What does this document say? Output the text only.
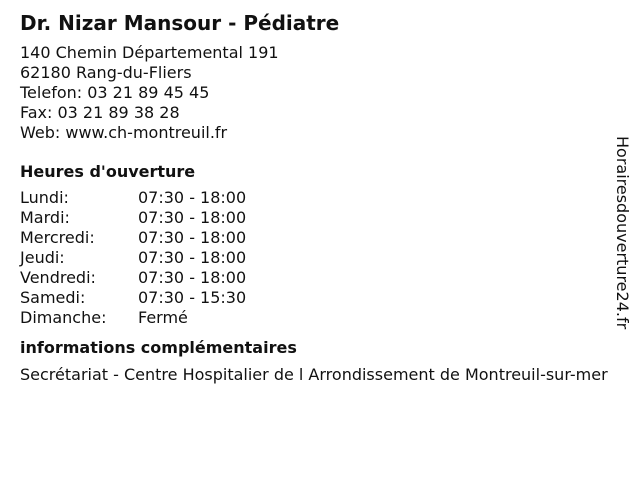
Dr. Nizar Mansour - Pédiatre
140 Chemin Départemental 191
62180 Rang-du-Fliers
Telefon: 03 21 89 45 45
Fax: 03 21 89 38 28
Web: www.ch-montreuil.fr
Heures d'ouverture
Lundi:	07:30 - 18:00
Mardi:	07:30 - 18:00
Mercredi:	07:30 - 18:00
Jeudi:	07:30 - 18:00
Vendredi:	07:30 - 18:00
Samedi:	07:30 - 15:30
Dimanche:	Fermé
informations complémentaires
Secrétariat - Centre Hospitalier de l Arrondissement de Montreuil-sur-mer
Horairesdouverture24.fr
